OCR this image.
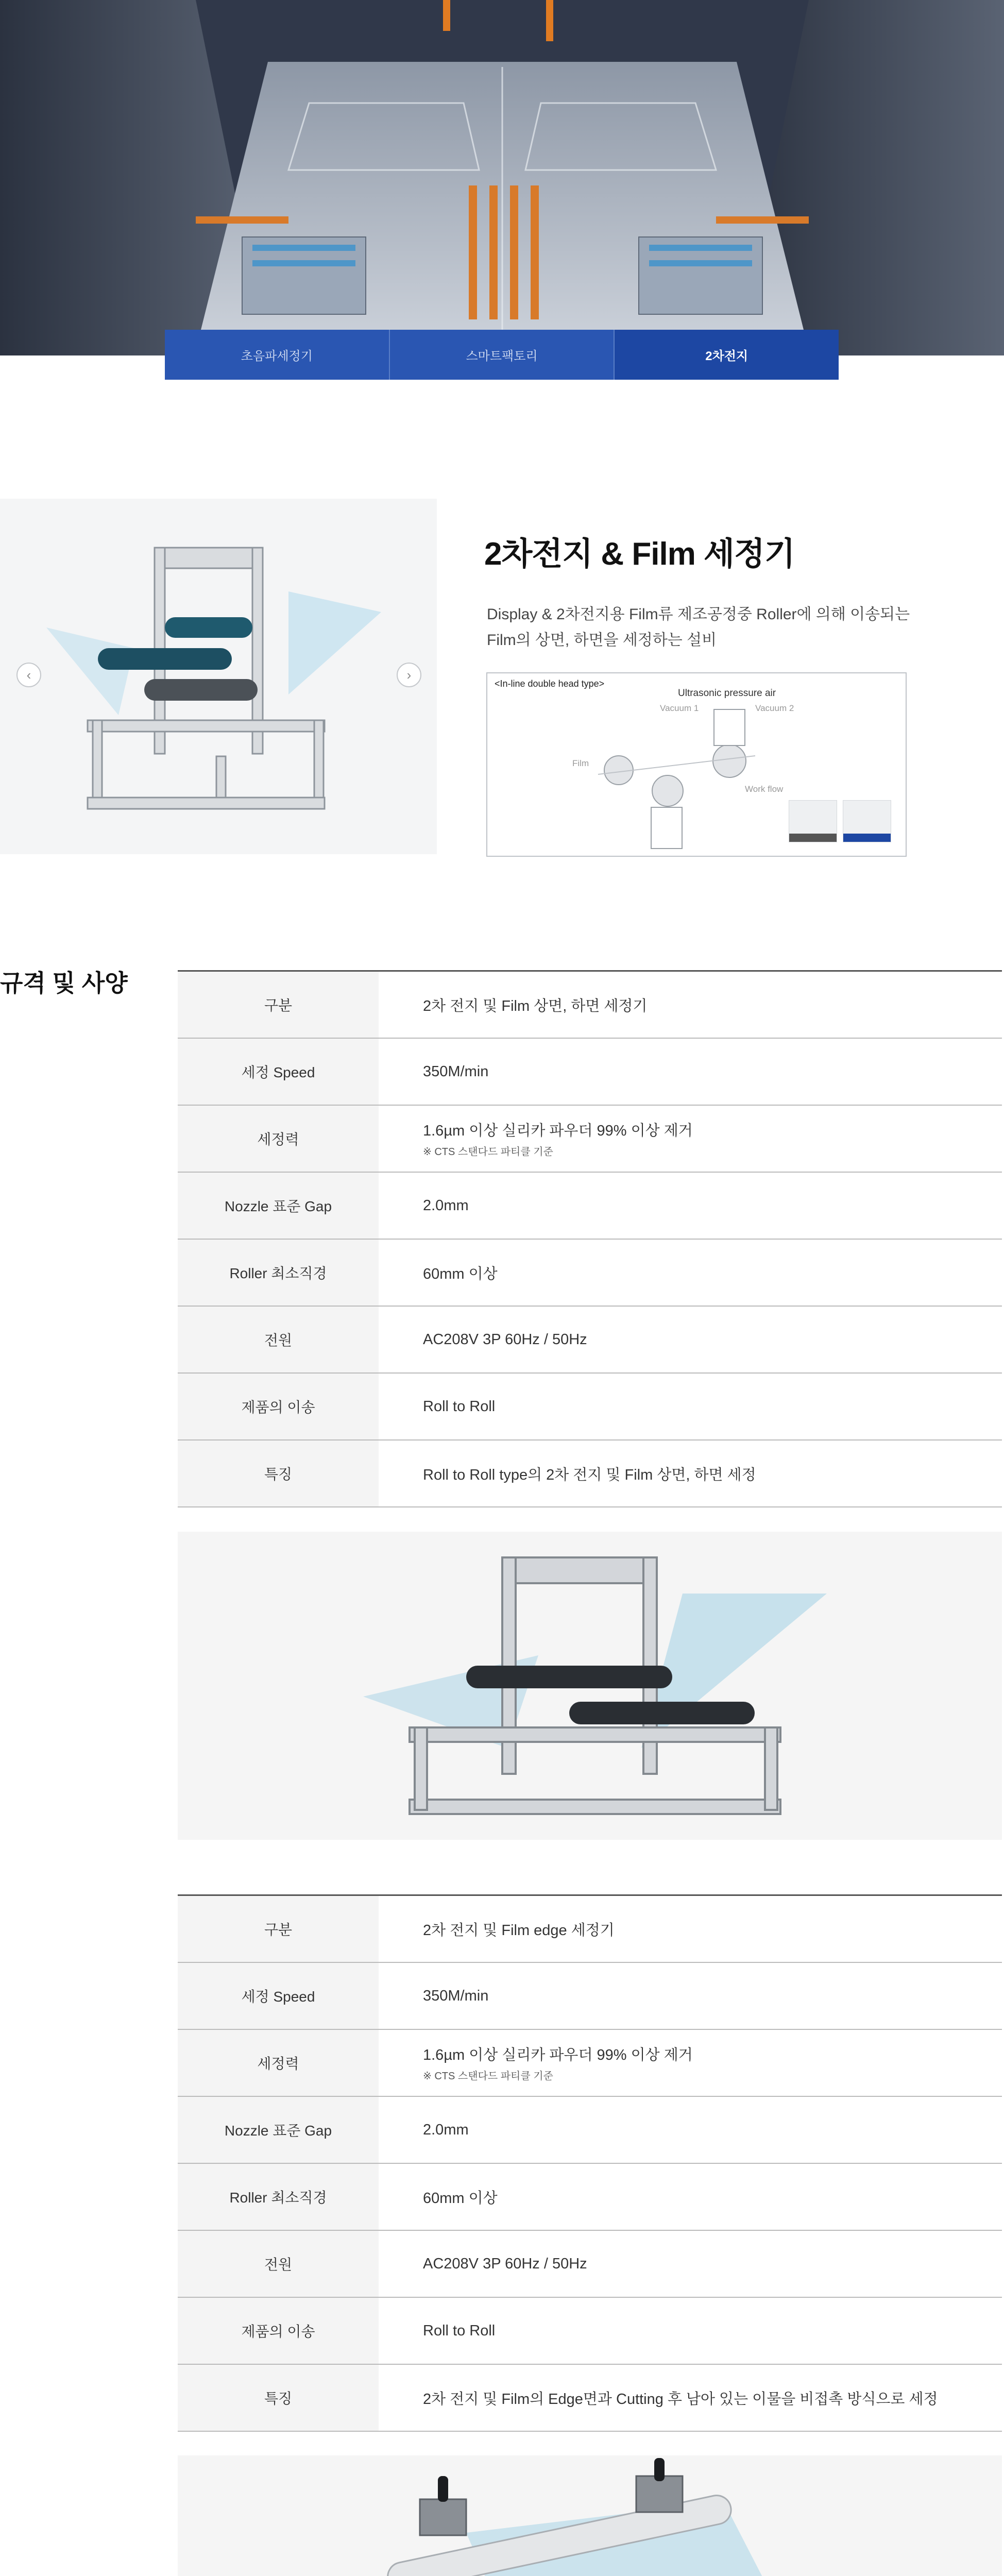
초음파세정기	스마트팩토리	2차전지
‹	›
2차전지 & Film 세정기

Display & 2차전지용 Film류 제조공정중 Roller에 의해 이송되는
Film의 상면, 하면을 세정하는 설비

<In-line double head type>
Ultrasonic pressure air
Vacuum 1	Vacuum 2
Film
Work flow
규격 및 사양
구분	2차 전지 및 Film 상면, 하면 세정기
세정 Speed	350M/min
세정력	1.6µm 이상 실리카 파우더 99% 이상 제거
※ CTS 스탠다드 파티클 기준

Nozzle 표준 Gap	2.0mm
Roller 최소직경	60mm 이상
전원	AC208V 3P 60Hz / 50Hz
제품의 이송	Roll to Roll
특징	Roll to Roll type의 2차 전지 및 Film 상면, 하면 세정
구분	2차 전지 및 Film edge 세정기
세정 Speed	350M/min
세정력	1.6µm 이상 실리카 파우더 99% 이상 제거
※ CTS 스탠다드 파티클 기준

Nozzle 표준 Gap	2.0mm
Roller 최소직경	60mm 이상
전원	AC208V 3P 60Hz / 50Hz
제품의 이송	Roll to Roll
특징	2차 전지 및 Film의 Edge면과 Cutting 후 남아 있는 이물을 비접촉 방식으로 세정
